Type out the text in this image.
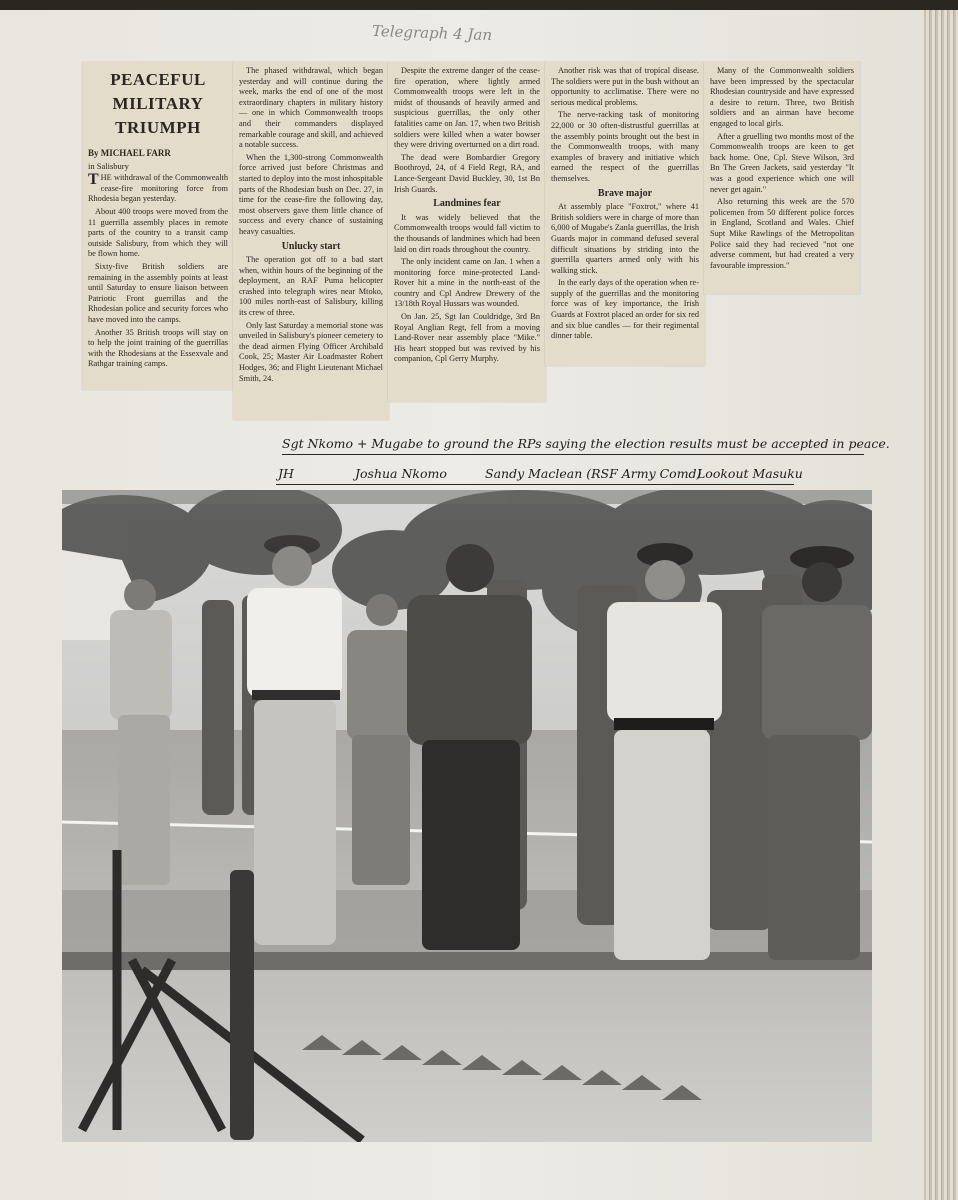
Telegraph 4 Jan
PEACEFUL
MILITARY
TRIUMPH

By MICHAEL FARR

in Salisbury

THE withdrawal of the Commonwealth cease-fire monitoring force from Rhodesia began yesterday.

About 400 troops were moved from the 11 guerrilla assembly places in remote parts of the country to a transit camp outside Salisbury, from which they will be flown home.

Sixty-five British soldiers are remaining in the assembly points at least until Saturday to ensure liaison between Patriotic Front guerrillas and the Rhodesian police and security forces who have moved into the camps.

Another 35 British troops will stay on to help the joint training of the guerrillas with the Rhodesians at the Essexvale and Rathgar training camps.

The phased withdrawal, which began yesterday and will continue during the week, marks the end of one of the most extraordinary chapters in military history — one in which Commonwealth troops and their commanders displayed remarkable courage and skill, and achieved a notable success.

When the 1,300-strong Commonwealth force arrived just before Christmas and started to deploy into the most inhospitable parts of the Rhodesian bush on Dec. 27, in time for the cease-fire the following day, most observers gave them little chance of success and every chance of sustaining heavy casualties.

Unlucky start

The operation got off to a bad start when, within hours of the beginning of the deployment, an RAF Puma helicopter crashed into telegraph wires near Mtoko, 100 miles north-east of Salisbury, killing its crew of three.

Only last Saturday a memorial stone was unveiled in Salisbury's pioneer cemetery to the dead airmen Flying Officer Archibald Cook, 25; Master Air Loadmaster Robert Hodges, 36; and Flight Lieutenant Michael Smith, 24.

Despite the extreme danger of the cease-fire operation, where lightly armed Commonwealth troops were left in the midst of thousands of heavily armed and suspicious guerrillas, the only other fatalities came on Jan. 17, when two British soldiers were killed when a water bowser they were driving overturned on a dirt road.

The dead were Bombardier Gregory Boothroyd, 24, of 4 Field Regt, RA, and Lance-Sergeant David Buckley, 30, 1st Bn Irish Guards.

Landmines fear

It was widely believed that the Commonwealth troops would fall victim to the thousands of landmines which had been laid on dirt roads throughout the country.

The only incident came on Jan. 1 when a monitoring force mine-protected Land-Rover hit a mine in the north-east of the country and Cpl Andrew Drewery of the 13/18th Royal Hussars was wounded.

On Jan. 25, Sgt Ian Couldridge, 3rd Bn Royal Anglian Regt, fell from a moving Land-Rover near assembly place "Mike." His heart stopped but was revived by his companion, Cpl Gerry Murphy.

Another risk was that of tropical disease. The soldiers were put in the bush without an opportunity to acclimatise. There were no serious medical problems.

The nerve-racking task of monitoring 22,000 or 30 often-distrustful guerrillas at the assembly points brought out the best in the Commonwealth troops, with many examples of bravery and initiative which earned the respect of the guerrillas themselves.

Brave major

At assembly place "Foxtrot," where 41 British soldiers were in charge of more than 6,000 of Mugabe's Zanla guerrillas, the Irish Guards major in command defused several difficult situations by striding into the guerrilla quarters armed only with his walking stick.

In the early days of the operation when re-supply of the guerrillas and the monitoring force was of key importance, the Irish Guards at Foxtrot placed an order for six red and six blue candles — for their regimental dinner table.

Many of the Commonwealth soldiers have been impressed by the spectacular Rhodesian countryside and have expressed a desire to return. Three, two British soldiers and an airman have become engaged to local girls.

After a gruelling two months most of the Commonwealth troops are keen to get back home. One, Cpl. Steve Wilson, 3rd Bn The Green Jackets, said yesterday "It was a good experience which one will never get again."

Also returning this week are the 570 policemen from 50 different police forces in England, Scotland and Wales. Chief Supt Mike Rawlings of the Metropolitan Police said they had recieved "not one adverse comment, but had created a very favourable impression."

Sgt Nkomo + Mugabe to ground the RPs saying the election results must be accepted in peace.
JH	Joshua Nkomo	Sandy Maclean (RSF Army Comd)
Lookout Masuku
